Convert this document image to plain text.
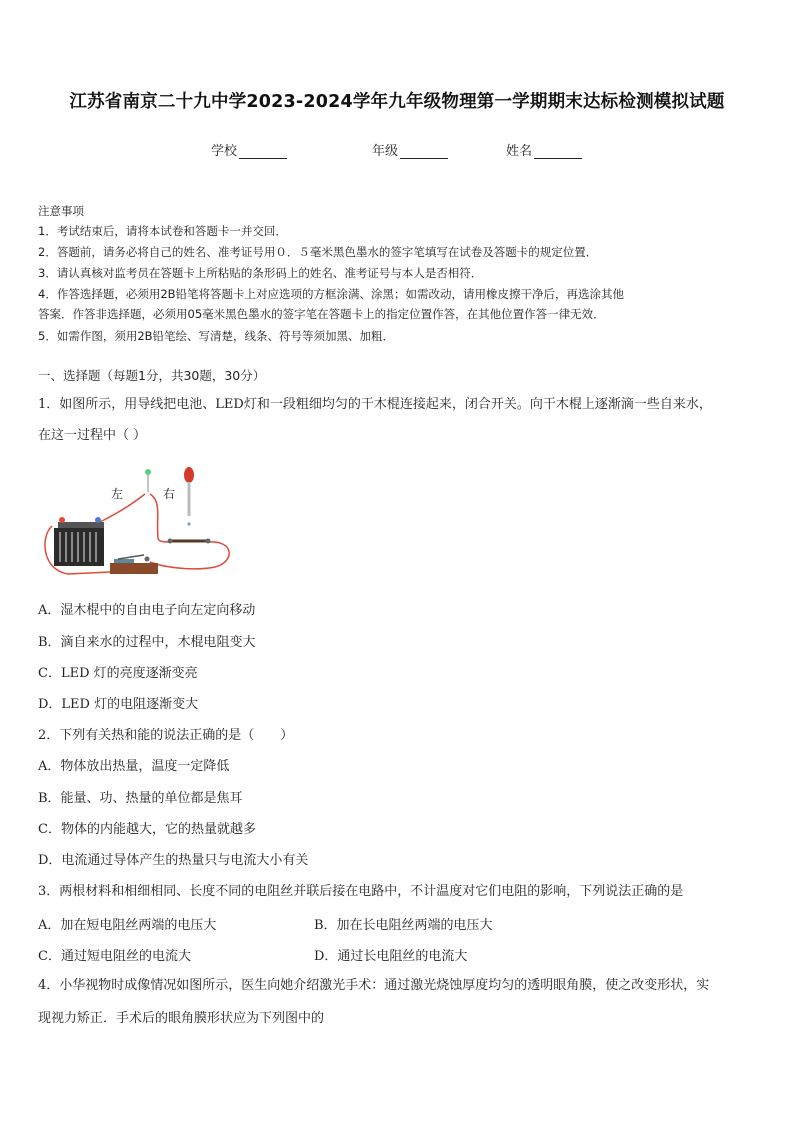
江苏省南京二十九中学2023-2024学年九年级物理第一学期期末达标检测模拟试题
学校	年级	姓名
注意事项
1．考试结束后，请将本试卷和答题卡一并交回．
2．答题前，请务必将自己的姓名、准考证号用０．５毫米黑色墨水的签字笔填写在试卷及答题卡的规定位置．
3．请认真核对监考员在答题卡上所粘贴的条形码上的姓名、准考证号与本人是否相符．
4．作答选择题，必须用2B铅笔将答题卡上对应选项的方框涂满、涂黑；如需改动，请用橡皮擦干净后，再选涂其他
答案．作答非选择题，必须用05毫米黑色墨水的签字笔在答题卡上的指定位置作答，在其他位置作答一律无效．
5．如需作图，须用2B铅笔绘、写清楚，线条、符号等须加黑、加粗．
一、选择题（每题1分，共30题，30分）
1．如图所示，用导线把电池、LED灯和一段粗细均匀的干木棍连接起来，闭合开关。向干木棍上逐渐滴一些自来水，
在这一过程中（ ）
左	右
A．湿木棍中的自由电子向左定向移动
B．滴自来水的过程中，木棍电阻变大
C．LED 灯的亮度逐渐变亮
D．LED 灯的电阻逐渐变大
2．下列有关热和能的说法正确的是（　　）
A．物体放出热量，温度一定降低
B．能量、功、热量的单位都是焦耳
C．物体的内能越大，它的热量就越多
D．电流通过导体产生的热量只与电流大小有关
3．两根材料和相细相同、长度不同的电阻丝并联后接在电路中，不计温度对它们电阻的影响，下列说法正确的是
A．加在短电阻丝两端的电压大	B．加在长电阻丝两端的电压大
C．通过短电阻丝的电流大	D．通过长电阻丝的电流大
4．小华视物时成像情况如图所示，医生向她介绍激光手术：通过激光烧蚀厚度均匀的透明眼角膜，使之改变形状，实
现视力矫正．手术后的眼角膜形状应为下列图中的
